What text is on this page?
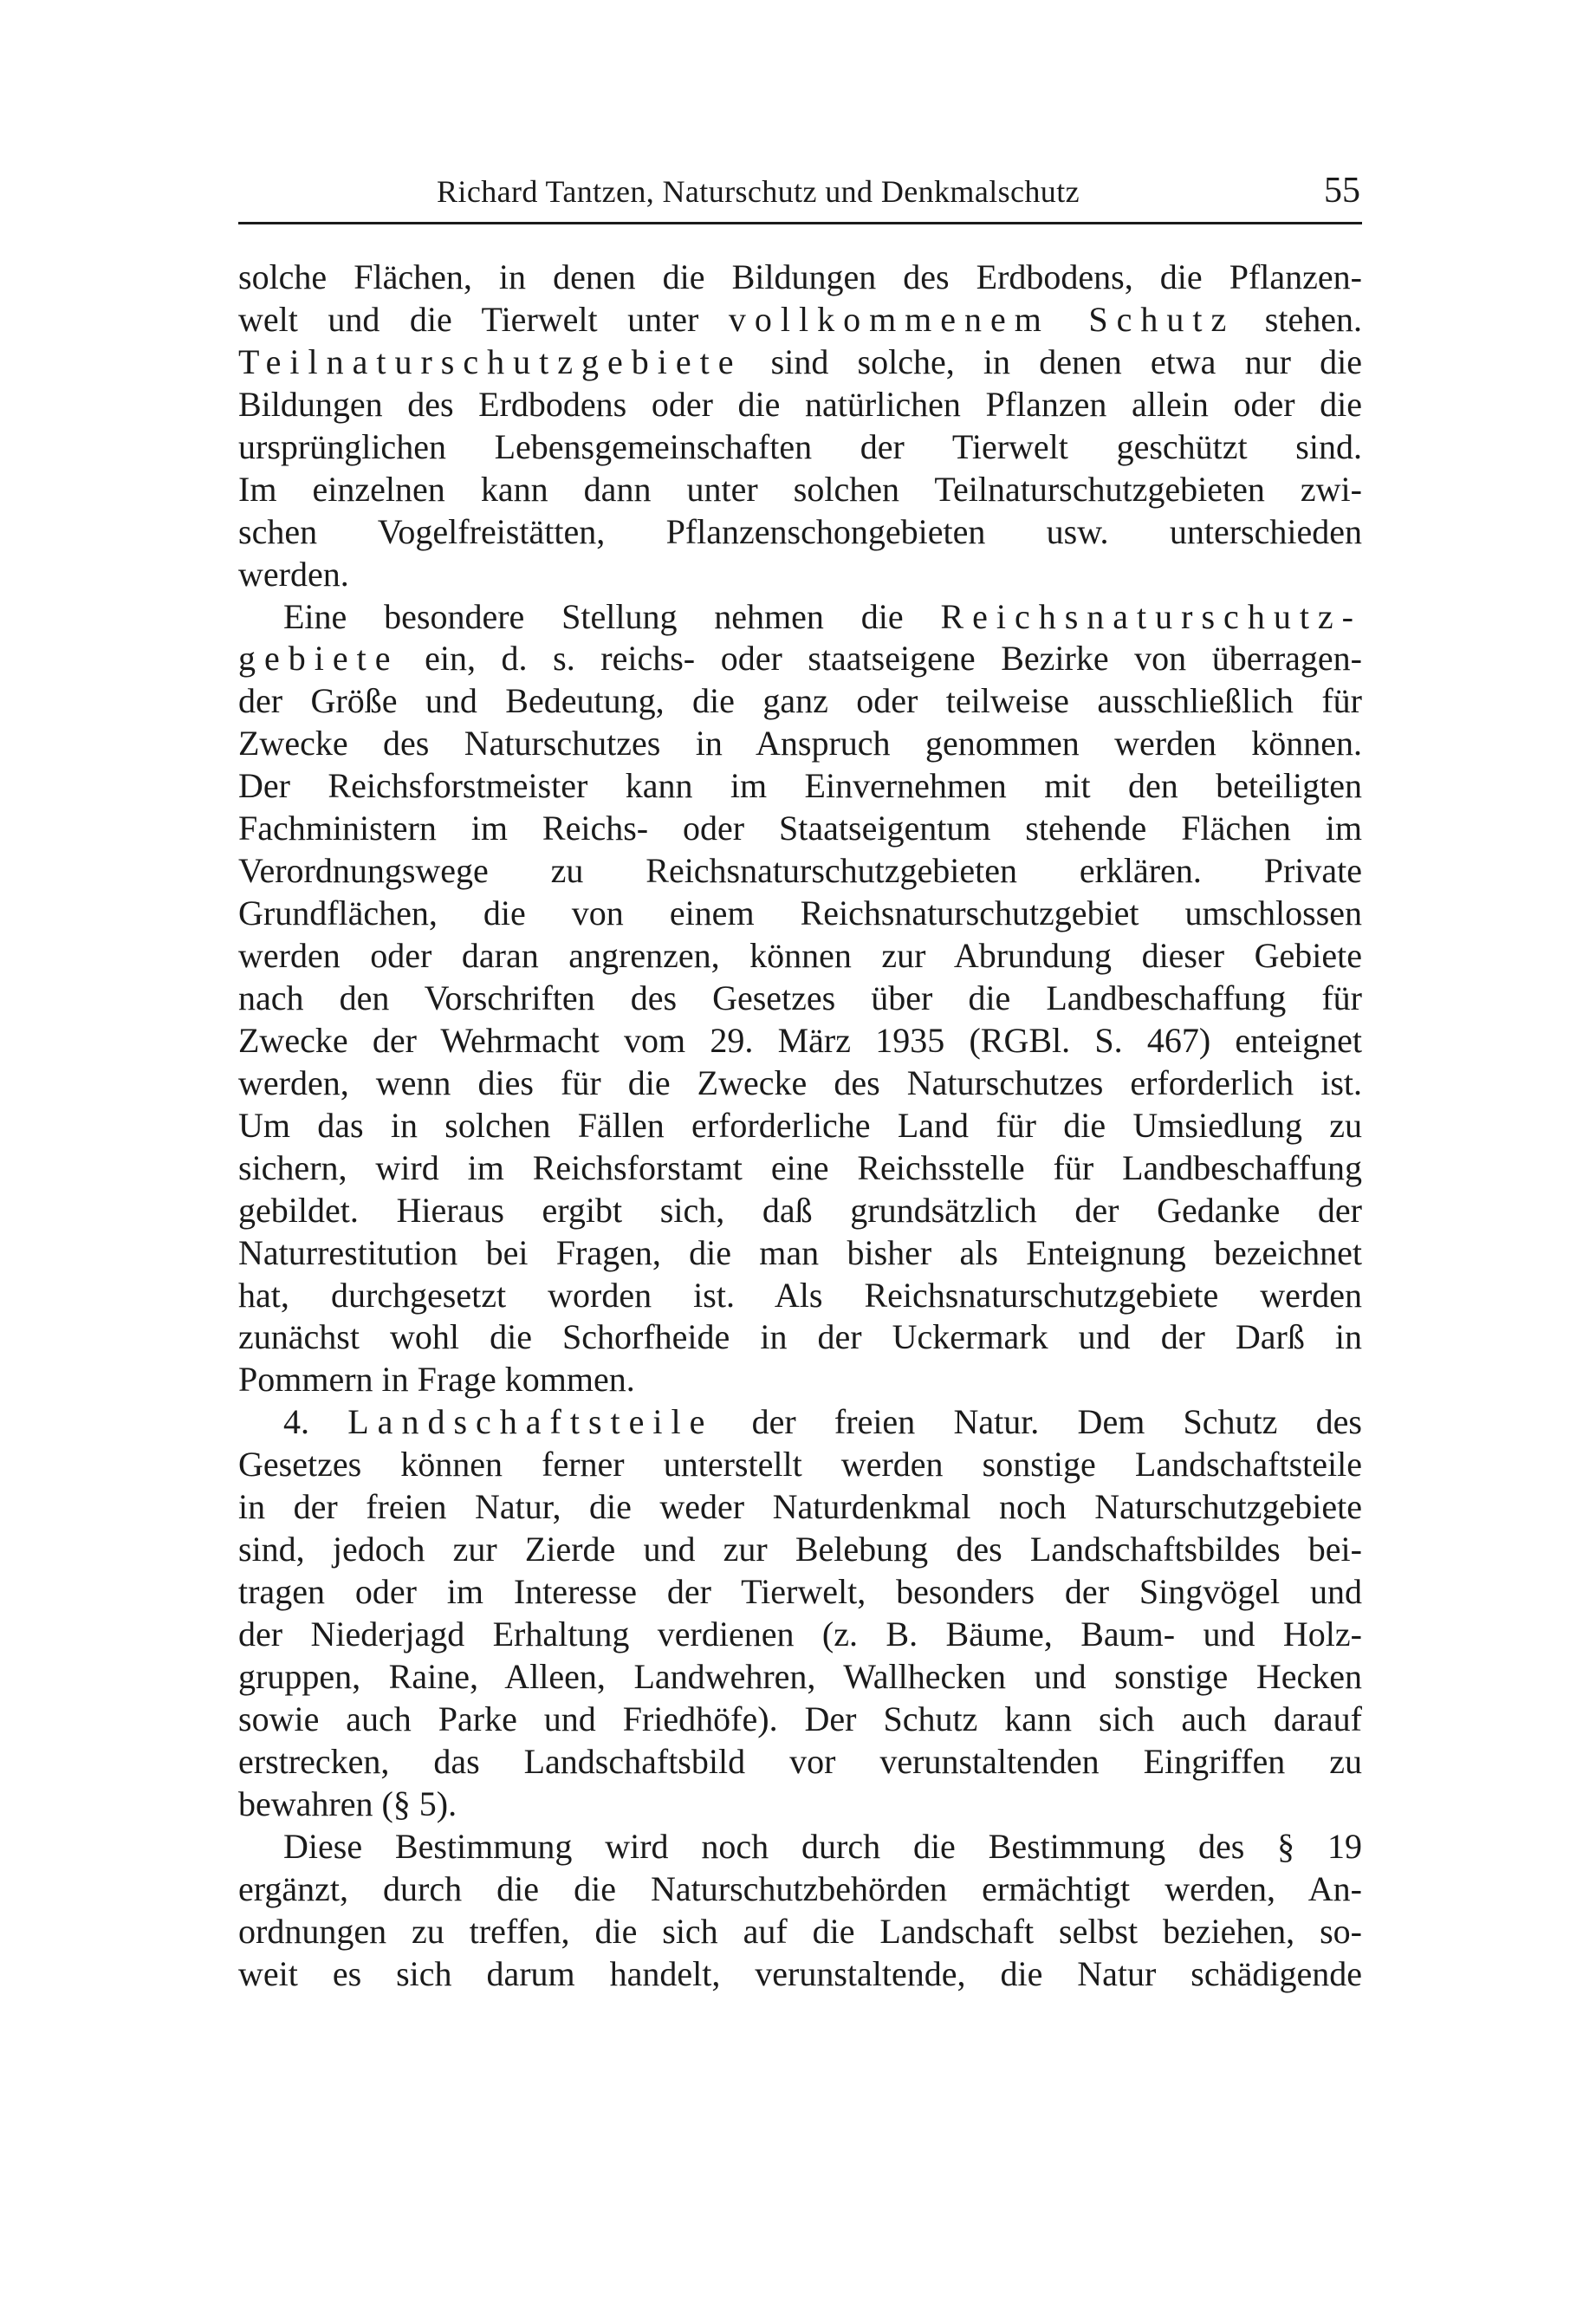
Richard Tantzen, Naturschutz und Denkmalschutz	55
solche Flächen, in denen die Bildungen des Erdbodens, die Pflanzen-
welt und die Tierwelt unter vollkommenem Schutz stehen.
Teilnaturschutzgebiete sind solche, in denen etwa nur die
Bildungen des Erdbodens oder die natürlichen Pflanzen allein oder die
ursprünglichen Lebensgemeinschaften der Tierwelt geschützt sind.
Im einzelnen kann dann unter solchen Teilnaturschutzgebieten zwi-
schen Vogelfreistätten, Pflanzenschongebieten usw. unterschieden
werden.
Eine besondere Stellung nehmen die Reichsnaturschutz-
gebiete ein, d. s. reichs- oder staatseigene Bezirke von überragen-
der Größe und Bedeutung, die ganz oder teilweise ausschließlich für
Zwecke des Naturschutzes in Anspruch genommen werden können.
Der Reichsforstmeister kann im Einvernehmen mit den beteiligten
Fachministern im Reichs- oder Staatseigentum stehende Flächen im
Verordnungswege zu Reichsnaturschutzgebieten erklären. Private
Grundflächen, die von einem Reichsnaturschutzgebiet umschlossen
werden oder daran angrenzen, können zur Abrundung dieser Gebiete
nach den Vorschriften des Gesetzes über die Landbeschaffung für
Zwecke der Wehrmacht vom 29. März 1935 (RGBl. S. 467) enteignet
werden, wenn dies für die Zwecke des Naturschutzes erforderlich ist.
Um das in solchen Fällen erforderliche Land für die Umsiedlung zu
sichern, wird im Reichsforstamt eine Reichsstelle für Landbeschaffung
gebildet. Hieraus ergibt sich, daß grundsätzlich der Gedanke der
Naturrestitution bei Fragen, die man bisher als Enteignung bezeichnet
hat, durchgesetzt worden ist. Als Reichsnaturschutzgebiete werden
zunächst wohl die Schorfheide in der Uckermark und der Darß in
Pommern in Frage kommen.
4. Landschaftsteile der freien Natur. Dem Schutz des
Gesetzes können ferner unterstellt werden sonstige Landschaftsteile
in der freien Natur, die weder Naturdenkmal noch Naturschutzgebiete
sind, jedoch zur Zierde und zur Belebung des Landschaftsbildes bei-
tragen oder im Interesse der Tierwelt, besonders der Singvögel und
der Niederjagd Erhaltung verdienen (z. B. Bäume, Baum- und Holz-
gruppen, Raine, Alleen, Landwehren, Wallhecken und sonstige Hecken
sowie auch Parke und Friedhöfe). Der Schutz kann sich auch darauf
erstrecken, das Landschaftsbild vor verunstaltenden Eingriffen zu
bewahren (§ 5).
Diese Bestimmung wird noch durch die Bestimmung des § 19
ergänzt, durch die die Naturschutzbehörden ermächtigt werden, An-
ordnungen zu treffen, die sich auf die Landschaft selbst beziehen, so-
weit es sich darum handelt, verunstaltende, die Natur schädigende
